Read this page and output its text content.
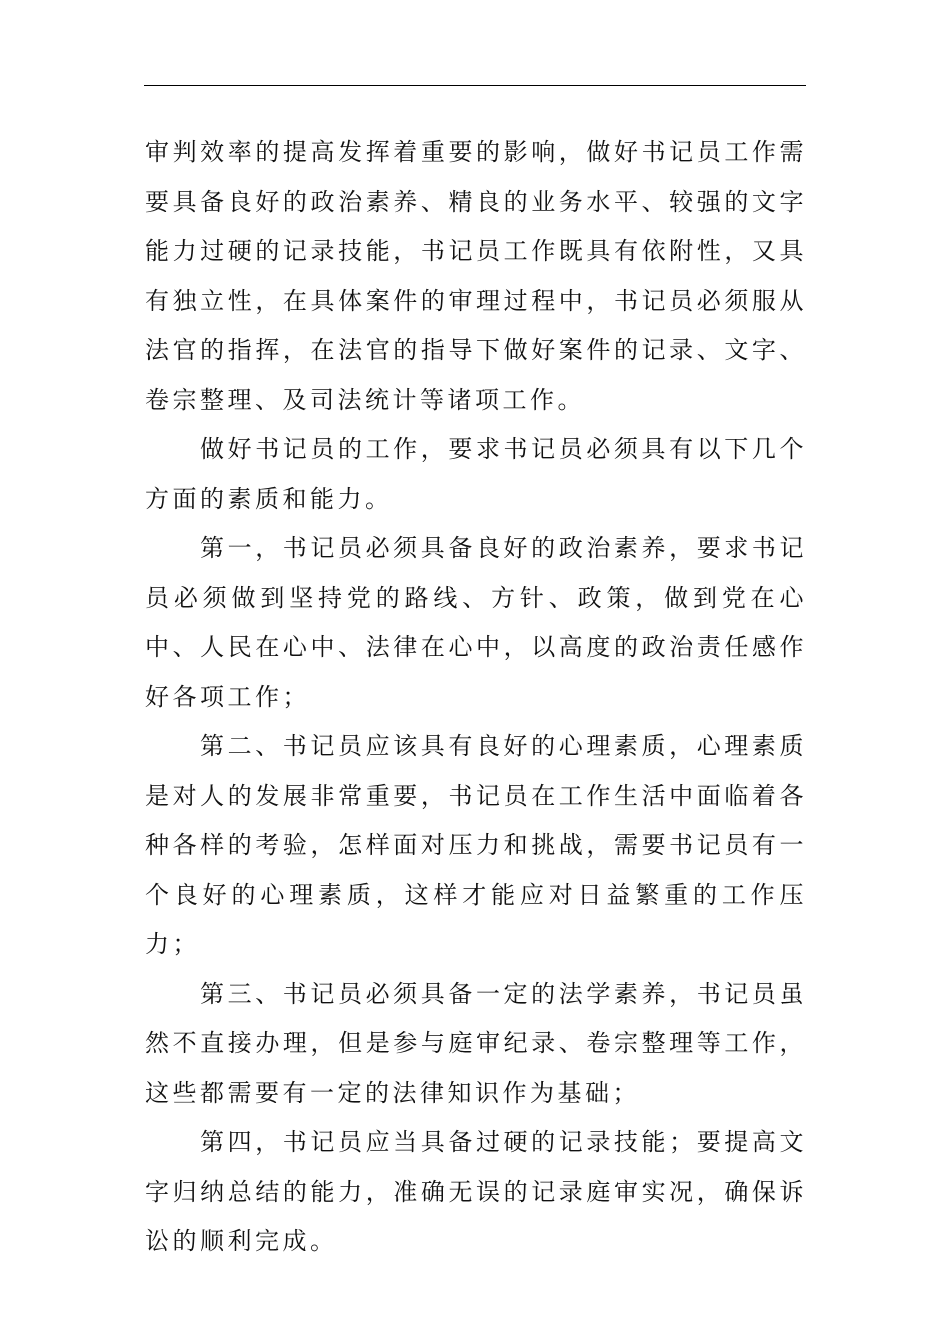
审判效率的提高发挥着重要的影响，做好书记员工作需要具备良好的政治素养、精良的业务水平、较强的文字能力过硬的记录技能，书记员工作既具有依附性，又具有独立性，在具体案件的审理过程中，书记员必须服从法官的指挥，在法官的指导下做好案件的记录、文字、卷宗整理、及司法统计等诸项工作。

做好书记员的工作，要求书记员必须具有以下几个方面的素质和能力。

第一，书记员必须具备良好的政治素养，要求书记员必须做到坚持党的路线、方针、政策，做到党在心中、人民在心中、法律在心中，以高度的政治责任感作好各项工作；

第二、书记员应该具有良好的心理素质，心理素质是对人的发展非常重要，书记员在工作生活中面临着各种各样的考验，怎样面对压力和挑战，需要书记员有一个良好的心理素质，这样才能应对日益繁重的工作压力；

第三、书记员必须具备一定的法学素养，书记员虽然不直接办理，但是参与庭审纪录、卷宗整理等工作，这些都需要有一定的法律知识作为基础；

第四，书记员应当具备过硬的记录技能；要提高文字归纳总结的能力，准确无误的记录庭审实况，确保诉讼的顺利完成。
